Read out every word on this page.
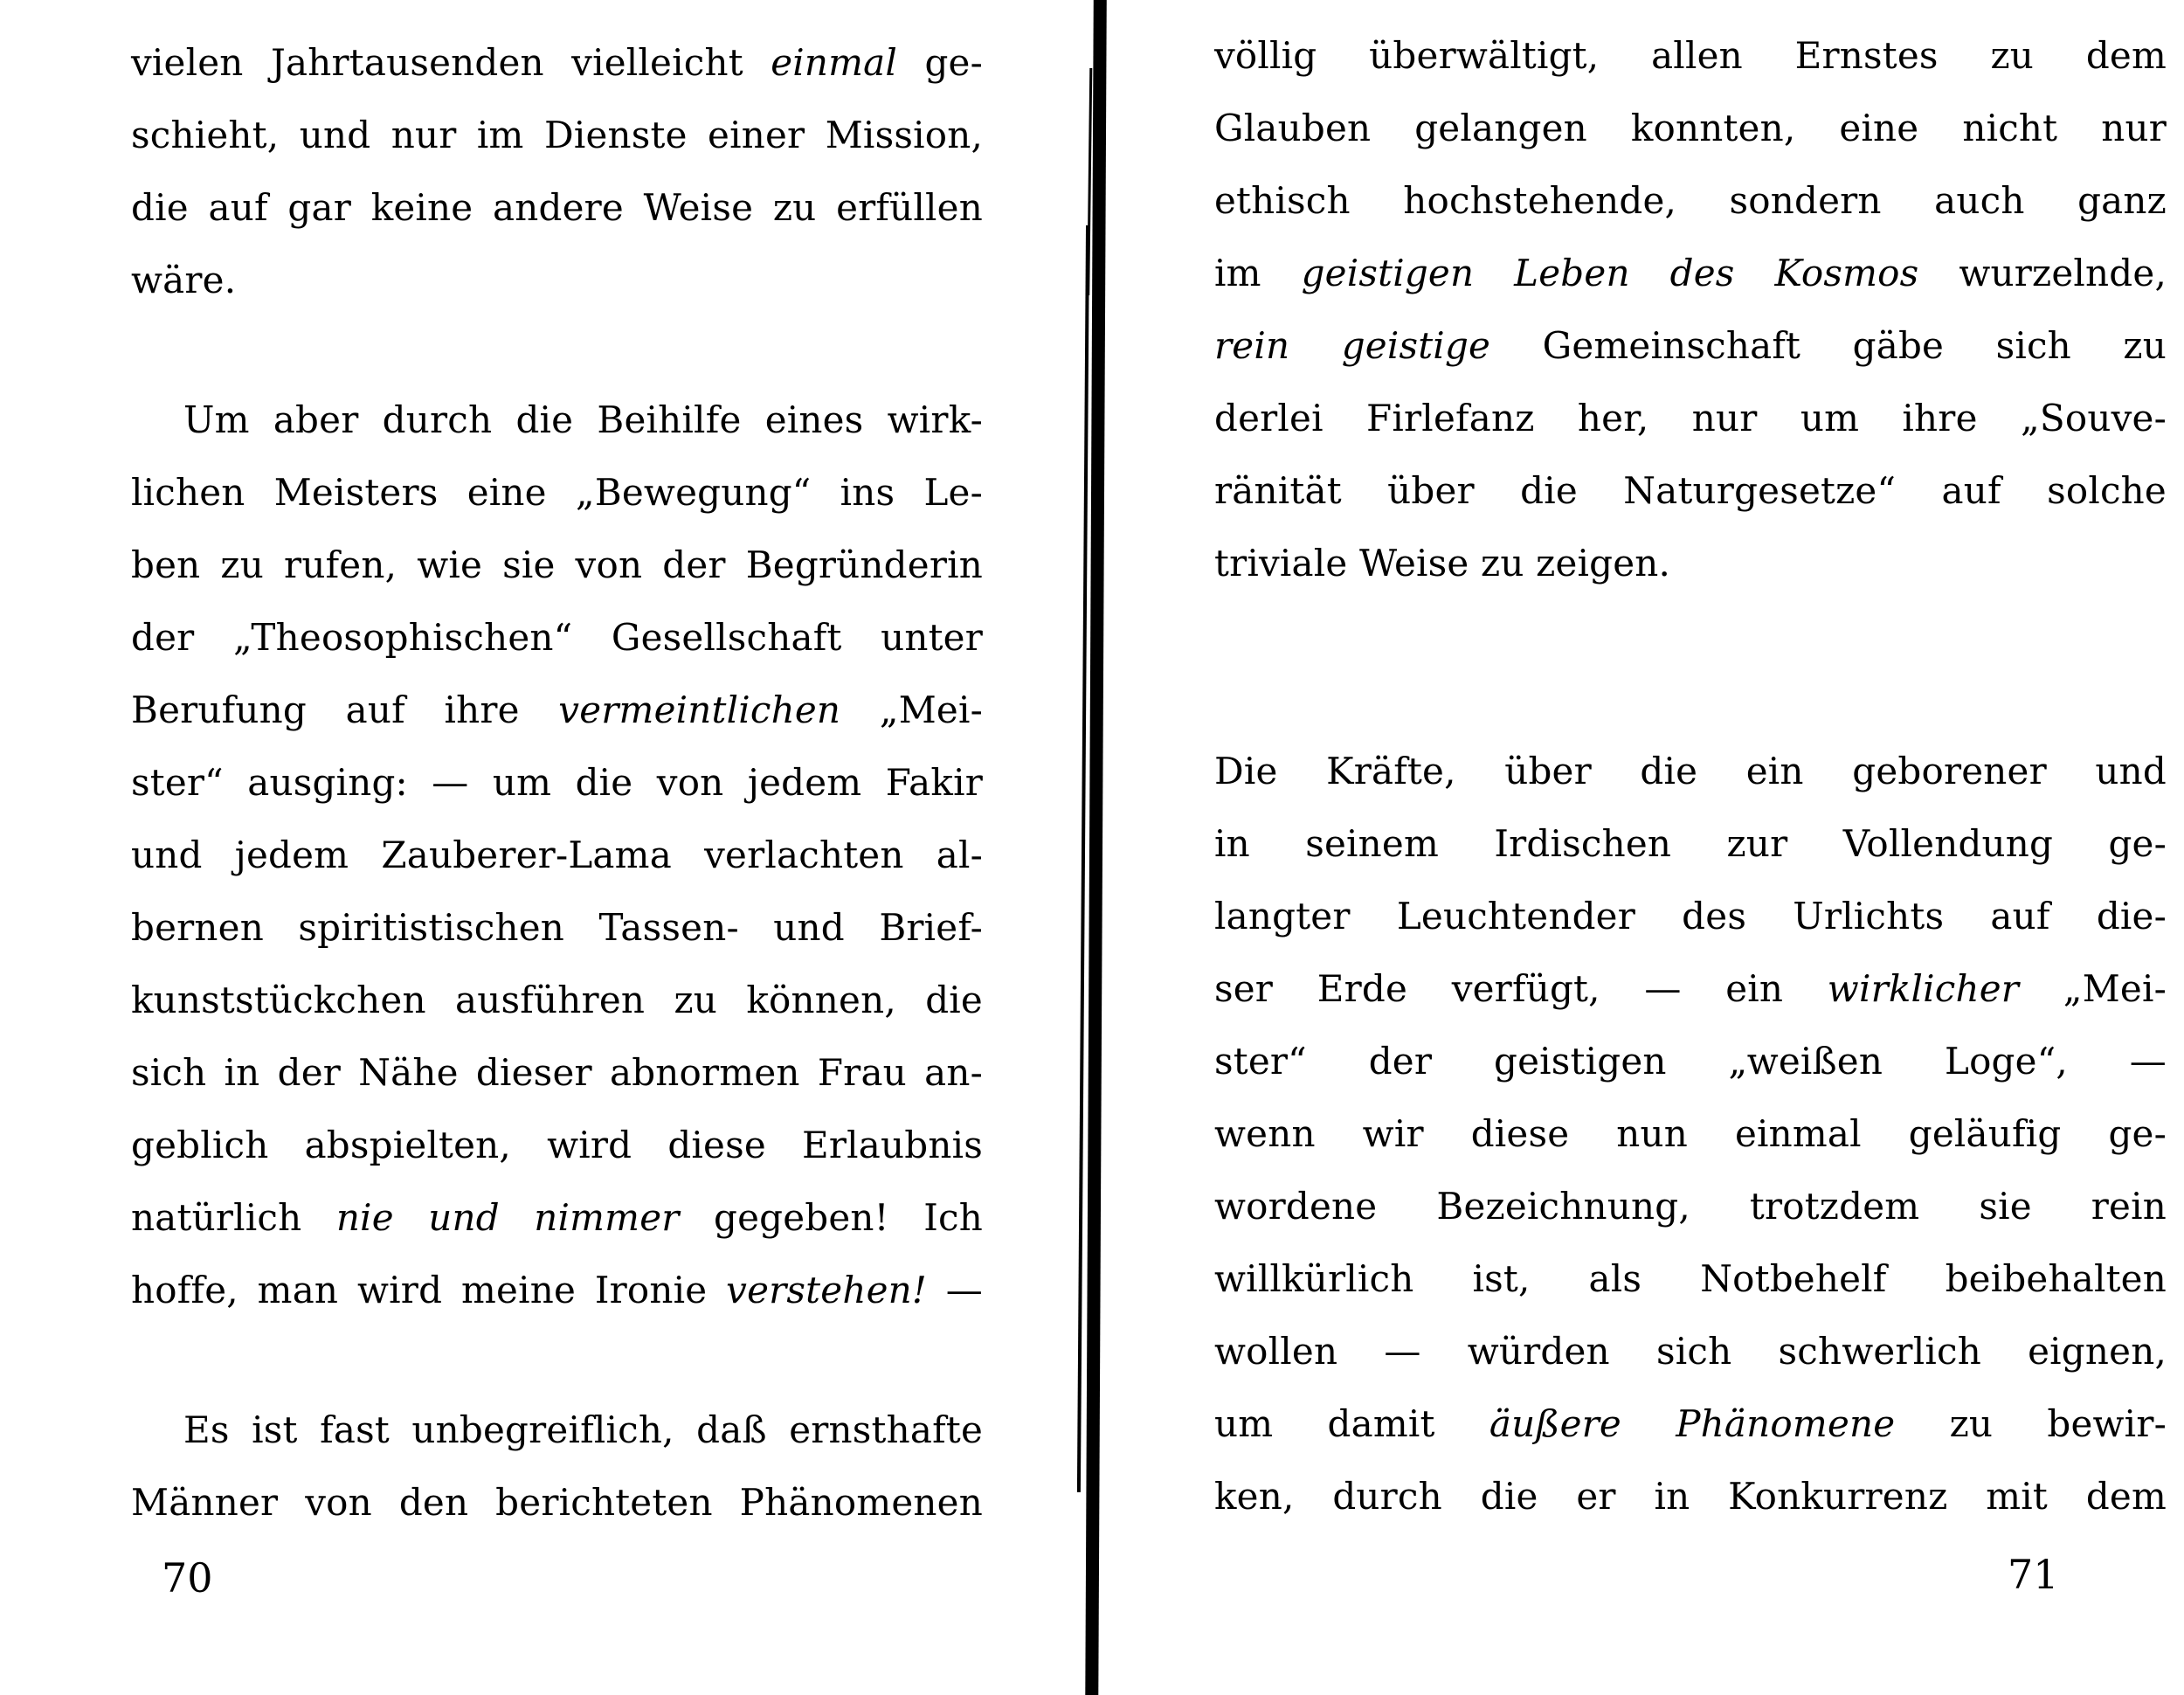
vielen Jahrtausenden vielleicht einmal ge-
schieht, und nur im Dienste einer Mission,
die auf gar keine andere Weise zu erfüllen
wäre.
Um aber durch die Beihilfe eines wirk-
lichen Meisters eine „Bewegung“ ins Le-
ben zu rufen, wie sie von der Begründerin
der „Theosophischen“ Gesellschaft unter
Berufung auf ihre vermeintlichen „Mei-
ster“ ausging: — um die von jedem Fakir
und jedem Zauberer-Lama verlachten al-
bernen spiritistischen Tassen- und Brief-
kunststückchen ausführen zu können, die
sich in der Nähe dieser abnormen Frau an-
geblich abspielten, wird diese Erlaubnis
natürlich nie und nimmer gegeben! Ich
hoffe, man wird meine Ironie verstehen! —
Es ist fast unbegreiflich, daß ernsthafte
Männer von den berichteten Phänomenen
völlig überwältigt, allen Ernstes zu dem
Glauben gelangen konnten, eine nicht nur
ethisch hochstehende, sondern auch ganz
im geistigen Leben des Kosmos wurzelnde,
rein geistige Gemeinschaft gäbe sich zu
derlei Firlefanz her, nur um ihre „Souve-
ränität über die Naturgesetze“ auf solche
triviale Weise zu zeigen.
Die Kräfte, über die ein geborener und
in seinem Irdischen zur Vollendung ge-
langter Leuchtender des Urlichts auf die-
ser Erde verfügt, — ein wirklicher „Mei-
ster“ der geistigen „weißen Loge“, —
wenn wir diese nun einmal geläufig ge-
wordene Bezeichnung, trotzdem sie rein
willkürlich ist, als Notbehelf beibehalten
wollen — würden sich schwerlich eignen,
um damit äußere Phänomene zu bewir-
ken, durch die er in Konkurrenz mit dem
70	71
